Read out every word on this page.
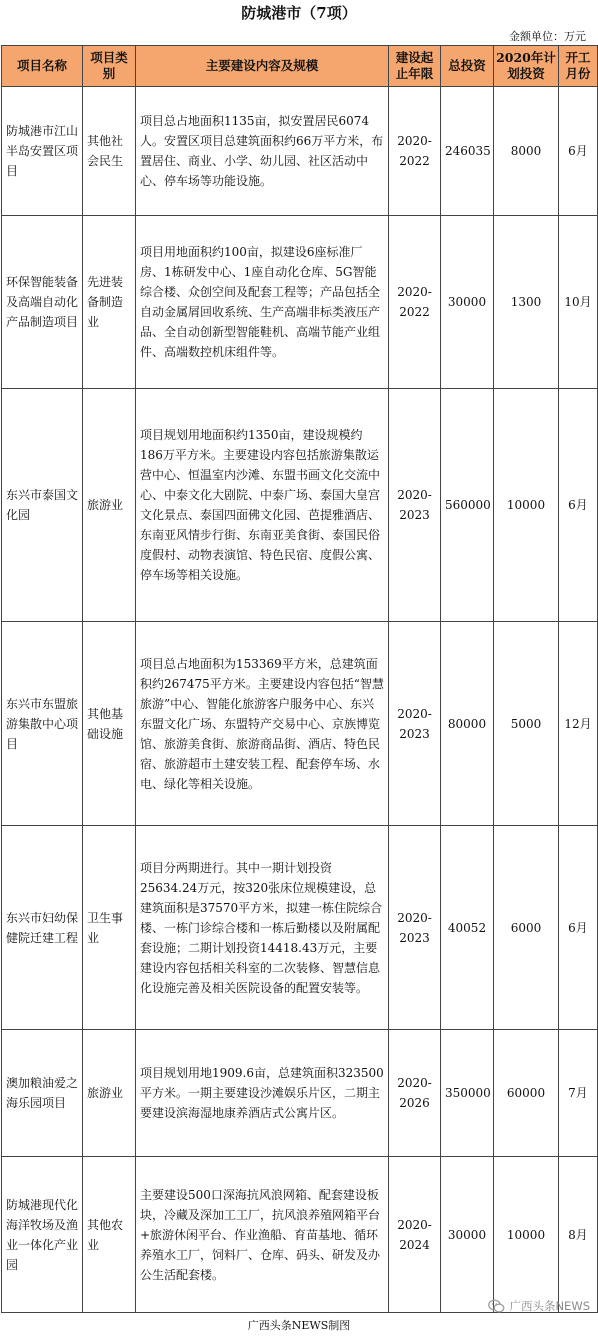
防城港市（7项）
金额单位：万元
项目名称	项目类别	主要建设内容及规模	建设起止年限	总投资	2020年计划投资	开工月份
防城港市江山半岛安置区项目	其他社会民生	项目总占地面积1135亩，拟安置居民6074人。安置区项目总建筑面积约66万平方米，布置居住、商业、小学、幼儿园、社区活动中心、停车场等功能设施。	2020-2022	246035	8000	6月
环保智能装备及高端自动化产品制造项目	先进装备制造业	项目用地面积约100亩，拟建设6座标准厂房、1栋研发中心、1座自动化仓库、5G智能综合楼、众创空间及配套工程等；产品包括全自动金属屑回收系统、生产高端非标类液压产品、全自动创新型智能鞋机、高端节能产业组件、高端数控机床组件等。	2020-2022	30000	1300	10月
东兴市泰国文化园	旅游业	项目规划用地面积约1350亩，建设规模约186万平方米。主要建设内容包括旅游集散运营中心、恒温室内沙滩、东盟书画文化交流中心、中泰文化大剧院、中泰广场、泰国大皇宫文化景点、泰国四面佛文化园、芭提雅酒店、东南亚风情步行街、东南亚美食街、泰国民俗度假村、动物表演馆、特色民宿、度假公寓、停车场等相关设施。	2020-2023	560000	10000	6月
东兴市东盟旅游集散中心项目	其他基础设施	项目总占地面积为153369平方米，总建筑面积约267475平方米。主要建设内容包括“智慧旅游”中心、智能化旅游客户服务中心、东兴东盟文化广场、东盟特产交易中心、京族博览馆、旅游美食街、旅游商品街、酒店、特色民宿、旅游超市土建安装工程、配套停车场、水电、绿化等相关设施。	2020-2023	80000	5000	12月
东兴市妇幼保健院迁建工程	卫生事业	项目分两期进行。其中一期计划投资25634.24万元，按320张床位规模建设，总建筑面积是37570平方米，拟建一栋住院综合楼、一栋门诊综合楼和一栋后勤楼以及附属配套设施；二期计划投资14418.43万元，主要建设内容包括相关科室的二次装修、智慧信息化设施完善及相关医院设备的配置安装等。	2020-2023	40052	6000	6月
澳加粮油爱之海乐园项目	旅游业	项目规划用地1909.6亩，总建筑面积323500平方米。一期主要建设沙滩娱乐片区，二期主要建设滨海湿地康养酒店式公寓片区。	2020-2026	350000	60000	7月
防城港现代化海洋牧场及渔业一体化产业园	其他农业	主要建设500口深海抗风浪网箱、配套建设板块，冷藏及深加工工厂，抗风浪养殖网箱平台+旅游休闲平台、作业渔船、育苗基地、循环养殖水工厂，饲料厂、仓库、码头、研发及办公生活配套楼。	2020-2024	30000	10000	8月
广西头条NEWS
广西头条NEWS制图
